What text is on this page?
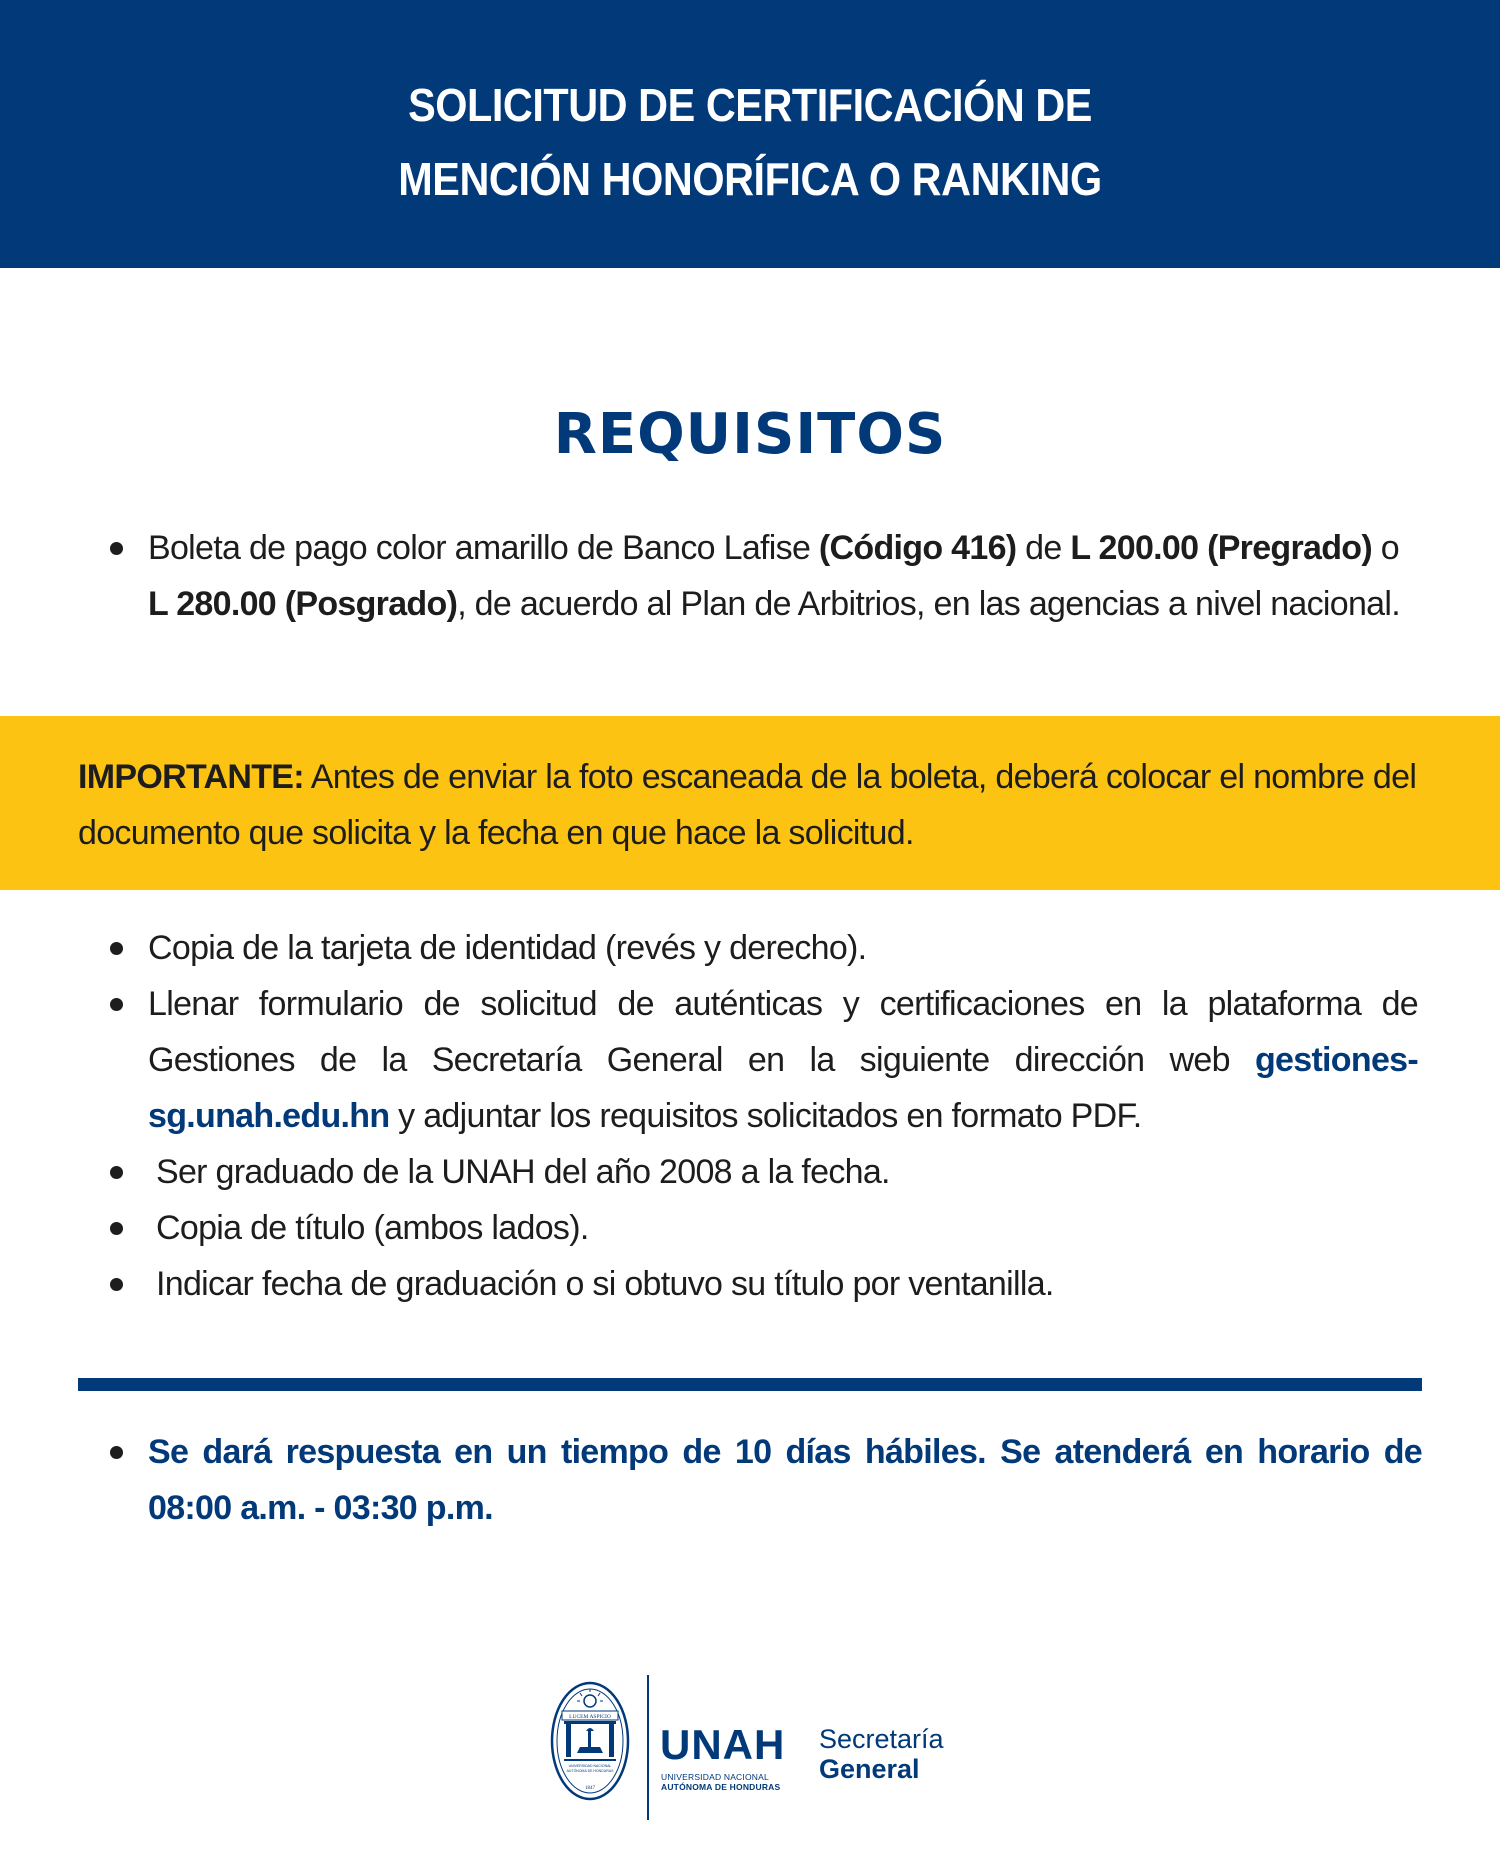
SOLICITUD DE CERTIFICACIÓN DE
MENCIÓN HONORÍFICA O RANKING
REQUISITOS
Boleta de pago color amarillo de Banco Lafise (Código 416) de L 200.00 (Pregrado) o L 280.00 (Posgrado), de acuerdo al Plan de Arbitrios, en las agencias a nivel nacional.
IMPORTANTE: Antes de enviar la foto escaneada de la boleta, deberá colocar el nombre del documento que solicita y la fecha en que hace la solicitud.
Copia de la tarjeta de identidad (revés y derecho).
Llenar formulario de solicitud de auténticas y certificaciones en la plataforma de Gestiones de la Secretaría General en la siguiente dirección web gestiones-sg.unah.edu.hn y adjuntar los requisitos solicitados en formato PDF.
Ser graduado de la UNAH del año 2008 a la fecha.
Copia de título (ambos lados).
Indicar fecha de graduación o si obtuvo su título por ventanilla.
Se dará respuesta en un tiempo de 10 días hábiles. Se atenderá en horario de 08:00 a.m. - 03:30 p.m.
LUCEM ASPICIO
UNIVERSIDAD NACIONAL
AUTÓNOMA DE HONDURAS
1847
UNAH
UNIVERSIDAD NACIONAL
AUTÓNOMA DE HONDURAS
Secretaría
General
